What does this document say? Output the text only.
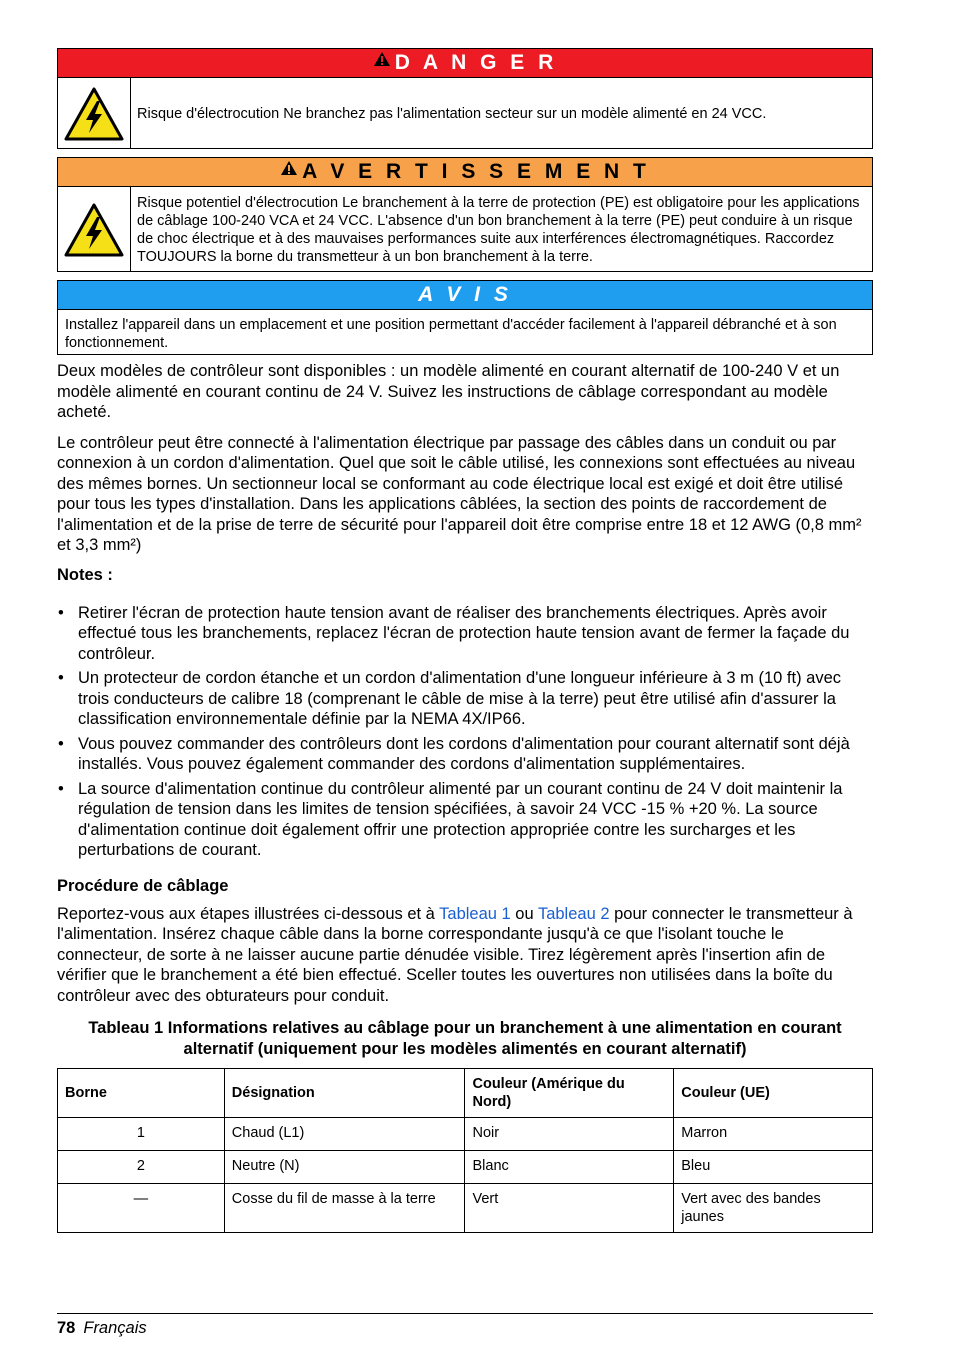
D A N G E R
Risque d'électrocution Ne branchez pas l'alimentation secteur sur un modèle alimenté en 24 VCC.
A V E R T I S S E M E N T
Risque potentiel d'électrocution Le branchement à la terre de protection (PE) est obligatoire pour les applications de câblage 100-240 VCA et 24 VCC. L'absence d'un bon branchement à la terre (PE) peut conduire à un risque de choc électrique et à des mauvaises performances suite aux interférences électromagnétiques. Raccordez TOUJOURS la borne du transmetteur à un bon branchement à la terre.
A V I S
Installez l'appareil dans un emplacement et une position permettant d'accéder facilement à l'appareil débranché et à son fonctionnement.

Deux modèles de contrôleur sont disponibles : un modèle alimenté en courant alternatif de 100-240 V et un modèle alimenté en courant continu de 24 V. Suivez les instructions de câblage correspondant au modèle acheté.

Le contrôleur peut être connecté à l'alimentation électrique par passage des câbles dans un conduit ou par connexion à un cordon d'alimentation. Quel que soit le câble utilisé, les connexions sont effectuées au niveau des mêmes bornes. Un sectionneur local se conformant au code électrique local est exigé et doit être utilisé pour tous les types d'installation. Dans les applications câblées, la section des points de raccordement de l'alimentation et de la prise de terre de sécurité pour l'appareil doit être comprise entre 18 et 12 AWG (0,8 mm² et 3,3 mm²)

Notes :
• Retirer l'écran de protection haute tension avant de réaliser des branchements électriques. Après avoir effectué tous les branchements, replacez l'écran de protection haute tension avant de fermer la façade du contrôleur.
• Un protecteur de cordon étanche et un cordon d'alimentation d'une longueur inférieure à 3 m (10 ft) avec trois conducteurs de calibre 18 (comprenant le câble de mise à la terre) peut être utilisé afin d'assurer la classification environnementale définie par la NEMA 4X/IP66.
• Vous pouvez commander des contrôleurs dont les cordons d'alimentation pour courant alternatif sont déjà installés. Vous pouvez également commander des cordons d'alimentation supplémentaires.
• La source d'alimentation continue du contrôleur alimenté par un courant continu de 24 V doit maintenir la régulation de tension dans les limites de tension spécifiées, à savoir 24 VCC -15 % +20 %. La source d'alimentation continue doit également offrir une protection appropriée contre les surcharges et les perturbations de courant.
Procédure de câblage

Reportez-vous aux étapes illustrées ci-dessous et à Tableau 1 ou Tableau 2 pour connecter le transmetteur à l'alimentation. Insérez chaque câble dans la borne correspondante jusqu'à ce que l'isolant touche le connecteur, de sorte à ne laisser aucune partie dénudée visible. Tirez légèrement après l'insertion afin de vérifier que le branchement a été bien effectué. Sceller toutes les ouvertures non utilisées dans la boîte du contrôleur avec des obturateurs pour conduit.

Tableau 1 Informations relatives au câblage pour un branchement à une alimentation en courant alternatif (uniquement pour les modèles alimentés en courant alternatif)
Borne	Désignation	Couleur (Amérique du Nord)	Couleur (UE)
1	Chaud (L1)	Noir	Marron
2	Neutre (N)	Blanc	Bleu
—	Cosse du fil de masse à la terre	Vert	Vert avec des bandes jaunes
78 Français
